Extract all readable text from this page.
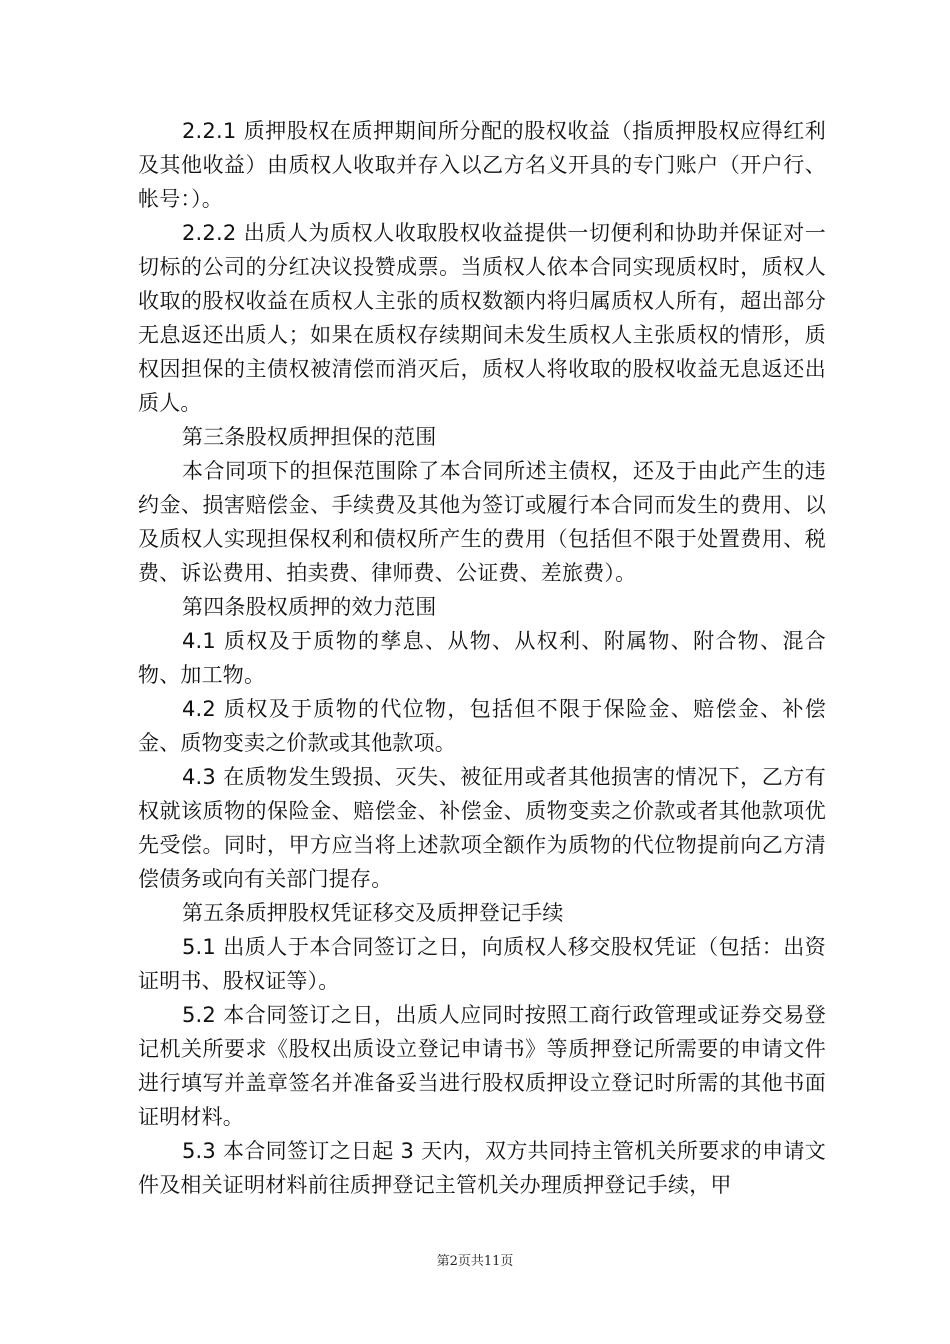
2.2.1 质押股权在质押期间所分配的股权收益（指质押股权应得红利及其他收益）由质权人收取并存入以乙方名义开具的专门账户（开户行、帐号：）。

2.2.2 出质人为质权人收取股权收益提供一切便利和协助并保证对一切标的公司的分红决议投赞成票。当质权人依本合同实现质权时，质权人收取的股权收益在质权人主张的质权数额内将归属质权人所有，超出部分无息返还出质人；如果在质权存续期间未发生质权人主张质权的情形，质权因担保的主债权被清偿而消灭后，质权人将收取的股权收益无息返还出质人。

第三条股权质押担保的范围

本合同项下的担保范围除了本合同所述主债权，还及于由此产生的违约金、损害赔偿金、手续费及其他为签订或履行本合同而发生的费用、以及质权人实现担保权利和债权所产生的费用（包括但不限于处置费用、税费、诉讼费用、拍卖费、律师费、公证费、差旅费）。

第四条股权质押的效力范围

4.1 质权及于质物的孳息、从物、从权利、附属物、附合物、混合物、加工物。

4.2 质权及于质物的代位物，包括但不限于保险金、赔偿金、补偿金、质物变卖之价款或其他款项。

4.3 在质物发生毁损、灭失、被征用或者其他损害的情况下，乙方有权就该质物的保险金、赔偿金、补偿金、质物变卖之价款或者其他款项优先受偿。同时，甲方应当将上述款项全额作为质物的代位物提前向乙方清偿债务或向有关部门提存。

第五条质押股权凭证移交及质押登记手续

5.1 出质人于本合同签订之日，向质权人移交股权凭证（包括：出资证明书、股权证等）。

5.2 本合同签订之日，出质人应同时按照工商行政管理或证券交易登记机关所要求《股权出质设立登记申请书》等质押登记所需要的申请文件进行填写并盖章签名并准备妥当进行股权质押设立登记时所需的其他书面证明材料。

5.3 本合同签订之日起 3 天内，双方共同持主管机关所要求的申请文件及相关证明材料前往质押登记主管机关办理质押登记手续，甲

第2页共11页
